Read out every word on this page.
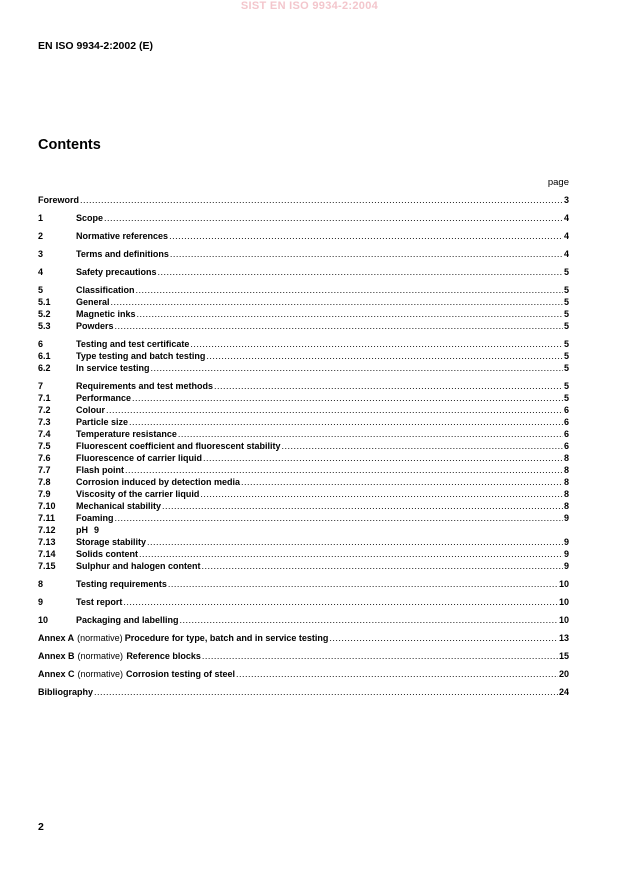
SIST EN ISO 9934-2:2004
EN ISO 9934-2:2002 (E)
Contents
page
Foreword .....	3
1	Scope .....	4
2	Normative references .....	4
3	Terms and definitions .....	4
4	Safety precautions .....	5
5	Classification .....	5
5.1	General .....	5
5.2	Magnetic inks .....	5
5.3	Powders .....	5
6	Testing and test certificate .....	5
6.1	Type testing and batch testing .....	5
6.2	In service testing .....	5
7	Requirements and test methods .....	5
7.1	Performance .....	5
7.2	Colour .....	6
7.3	Particle size .....	6
7.4	Temperature resistance .....	6
7.5	Fluorescent coefficient and fluorescent stability .....	6
7.6	Fluorescence of carrier liquid .....	8
7.7	Flash point .....	8
7.8	Corrosion induced by detection media .....	8
7.9	Viscosity of the carrier liquid .....	8
7.10	Mechanical stability .....	8
7.11	Foaming .....	9
7.12	pH 9
7.13	Storage stability .....	9
7.14	Solids content .....	9
7.15	Sulphur and halogen content .....	9
8	Testing requirements .....	10
9	Test report .....	10
10	Packaging and labelling .....	10
Annex A (normative) Procedure for type, batch and in service testing .....	13
Annex B (normative) Reference blocks .....	15
Annex C (normative) Corrosion testing of steel .....	20
Bibliography .....	24
2
